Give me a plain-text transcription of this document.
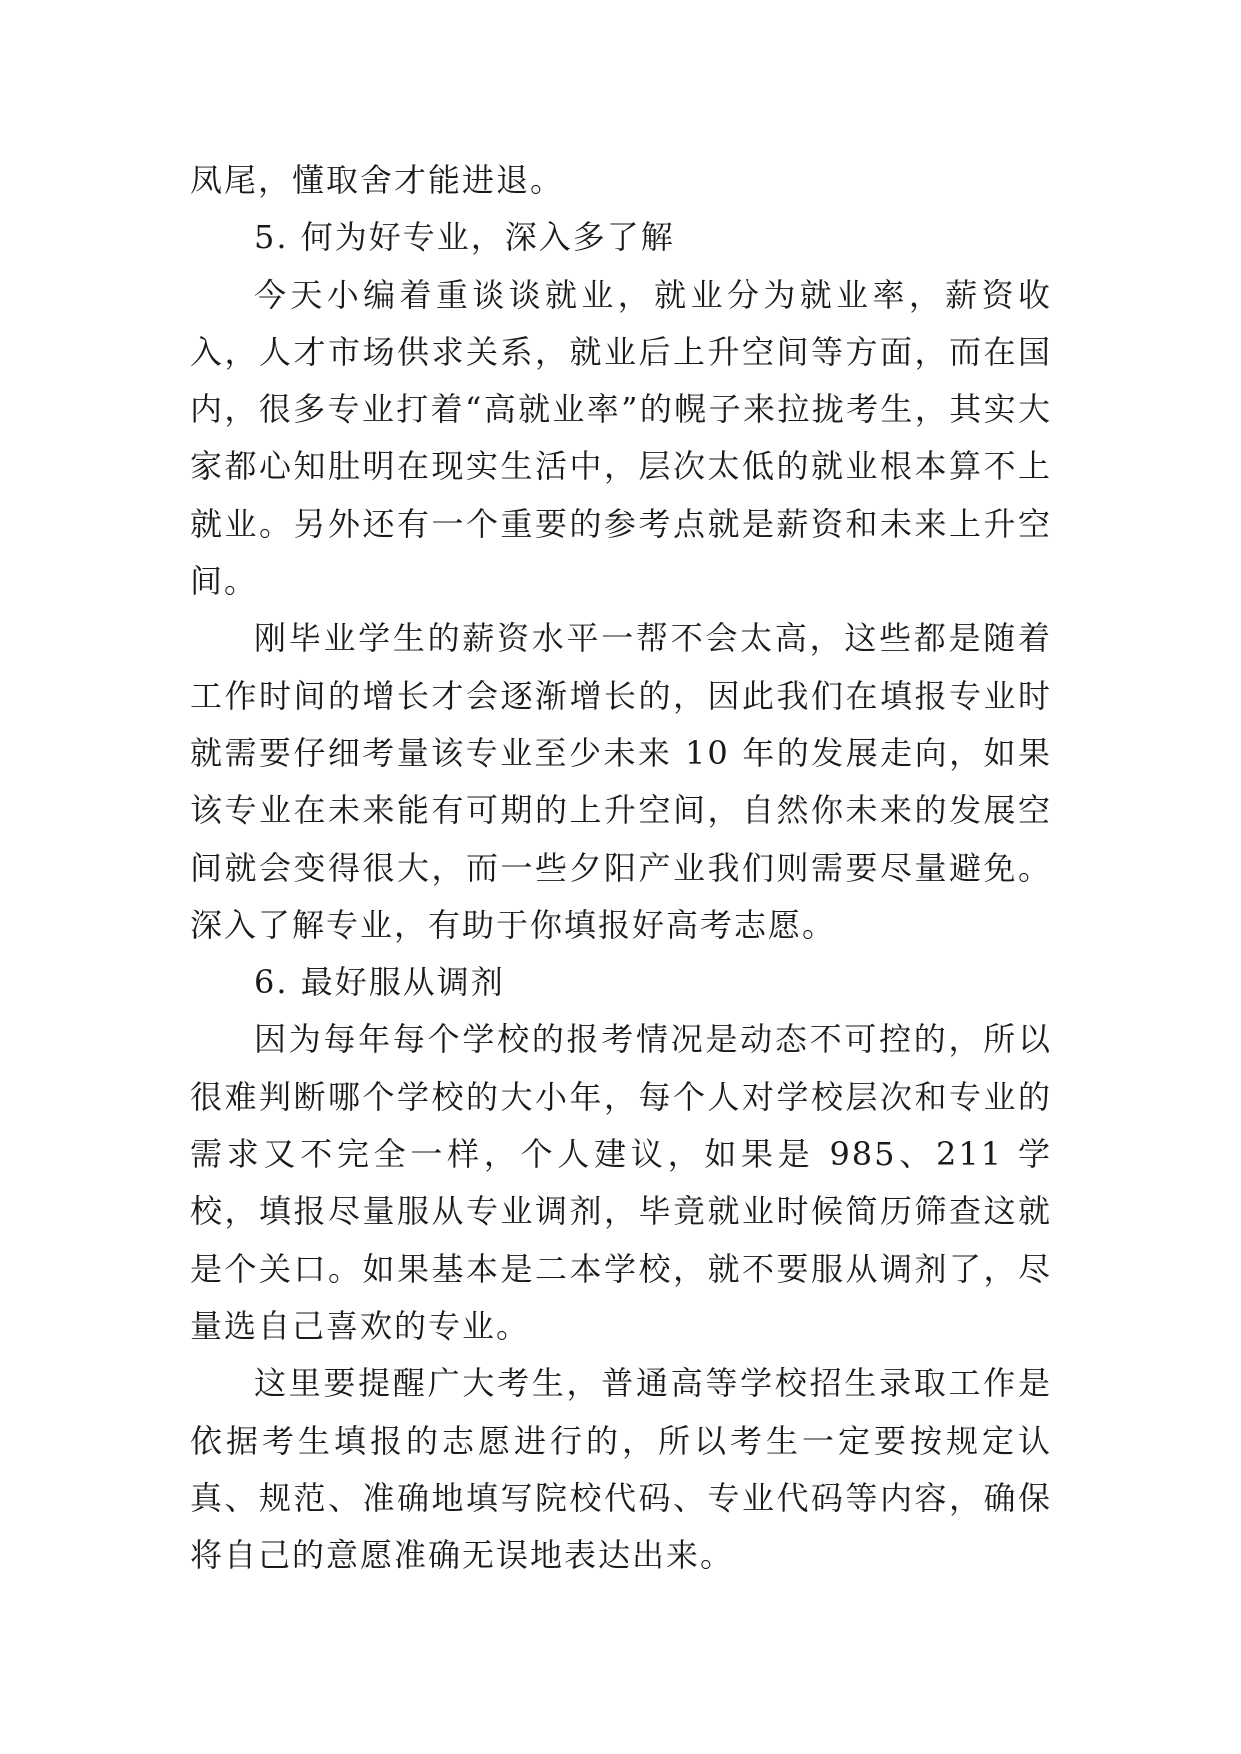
凤尾，懂取舍才能进退。

5. 何为好专业，深入多了解

今天小编着重谈谈就业，就业分为就业率，薪资收入，人才市场供求关系，就业后上升空间等方面，而在国内，很多专业打着“高就业率”的幌子来拉拢考生，其实大家都心知肚明在现实生活中，层次太低的就业根本算不上就业。另外还有一个重要的参考点就是薪资和未来上升空间。

刚毕业学生的薪资水平一帮不会太高，这些都是随着工作时间的增长才会逐渐增长的，因此我们在填报专业时就需要仔细考量该专业至少未来 10 年的发展走向，如果该专业在未来能有可期的上升空间，自然你未来的发展空间就会变得很大，而一些夕阳产业我们则需要尽量避免。深入了解专业，有助于你填报好高考志愿。

6. 最好服从调剂

因为每年每个学校的报考情况是动态不可控的，所以很难判断哪个学校的大小年，每个人对学校层次和专业的需求又不完全一样，个人建议，如果是 985、211 学校，填报尽量服从专业调剂，毕竟就业时候简历筛查这就是个关口。如果基本是二本学校，就不要服从调剂了，尽量选自己喜欢的专业。

这里要提醒广大考生，普通高等学校招生录取工作是依据考生填报的志愿进行的，所以考生一定要按规定认真、规范、准确地填写院校代码、专业代码等内容，确保将自己的意愿准确无误地表达出来。
